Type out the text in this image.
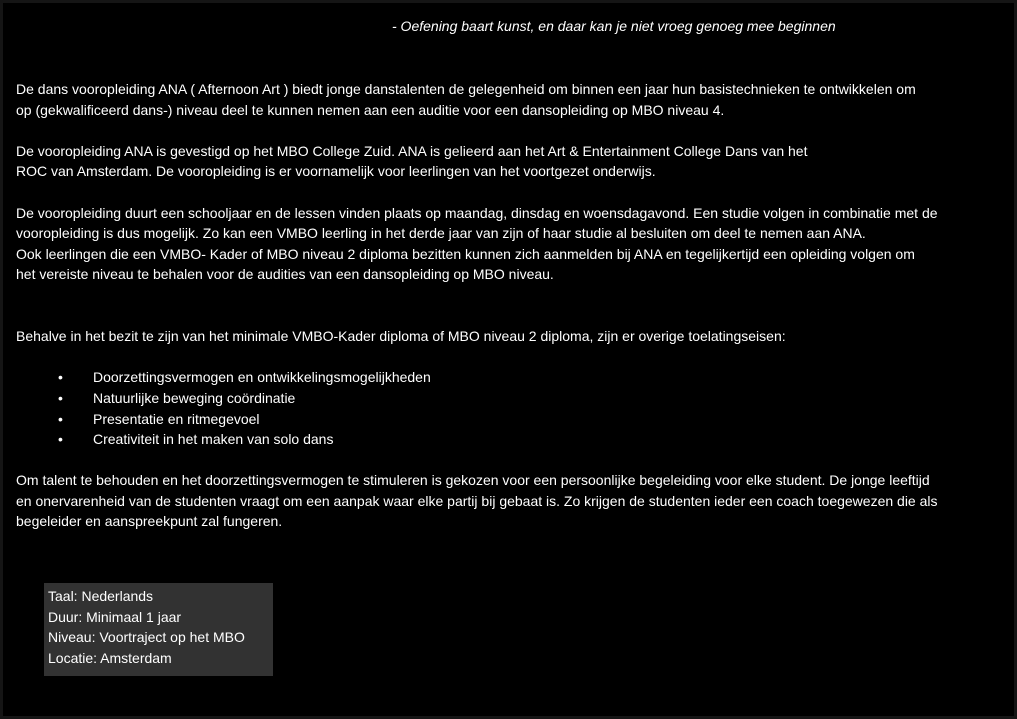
- Oefening baart kunst, en daar kan je niet vroeg genoeg mee beginnen

De dans vooropleiding ANA ( Afternoon Art ) biedt jonge danstalenten de gelegenheid om binnen een jaar hun basistechnieken te ontwikkelen om
op (gekwalificeerd dans-) niveau deel te kunnen nemen aan een auditie voor een dansopleiding op MBO niveau 4.

De vooropleiding ANA is gevestigd op het MBO College Zuid. ANA is gelieerd aan het Art & Entertainment College Dans van het
ROC van Amsterdam. De vooropleiding is er voornamelijk voor leerlingen van het voortgezet onderwijs.

De vooropleiding duurt een schooljaar en de lessen vinden plaats op maandag, dinsdag en woensdagavond. Een studie volgen in combinatie met de
vooropleiding is dus mogelijk. Zo kan een VMBO leerling in het derde jaar van zijn of haar studie al besluiten om deel te nemen aan ANA.
Ook leerlingen die een VMBO- Kader of MBO niveau 2 diploma bezitten kunnen zich aanmelden bij ANA en tegelijkertijd een opleiding volgen om
het vereiste niveau te behalen voor de audities van een dansopleiding op MBO niveau.

Behalve in het bezit te zijn van het minimale VMBO-Kader diploma of MBO niveau 2 diploma, zijn er overige toelatingseisen:

• Doorzettingsvermogen en ontwikkelingsmogelijkheden
• Natuurlijke beweging coördinatie
• Presentatie en ritmegevoel
• Creativiteit in het maken van solo dans

Om talent te behouden en het doorzettingsvermogen te stimuleren is gekozen voor een persoonlijke begeleiding voor elke student. De jonge leeftijd
en onervarenheid van de studenten vraagt om een aanpak waar elke partij bij gebaat is. Zo krijgen de studenten ieder een coach toegewezen die als
begeleider en aanspreekpunt zal fungeren.

Taal: Nederlands
Duur: Minimaal 1 jaar
Niveau: Voortraject op het MBO
Locatie: Amsterdam
